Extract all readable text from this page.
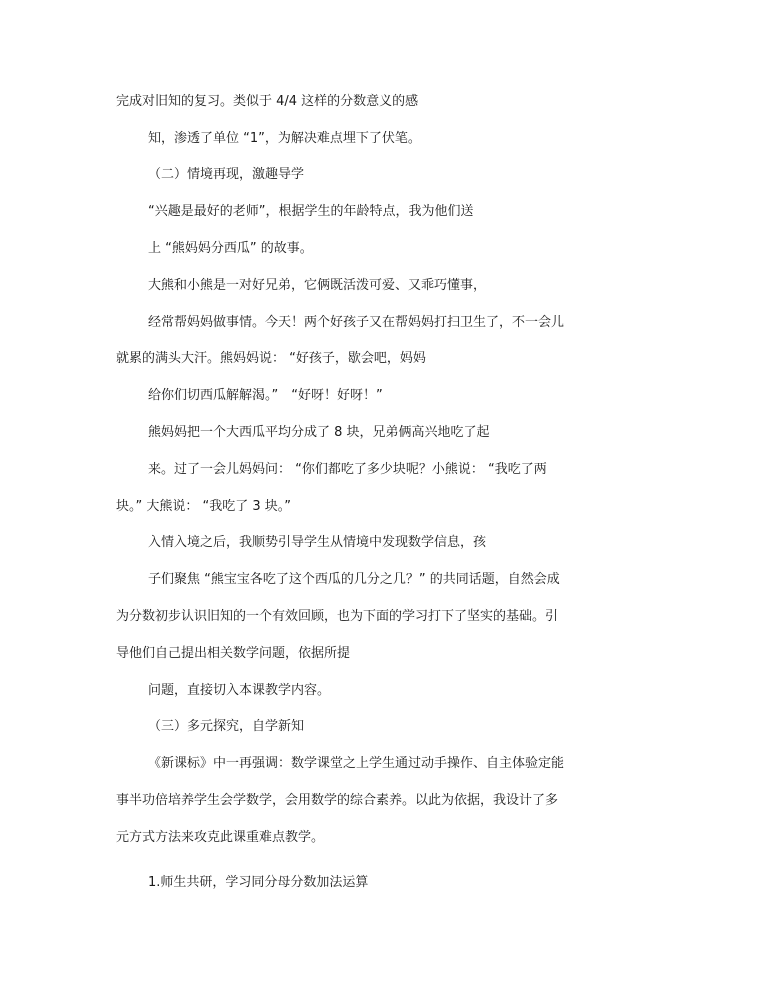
完成对旧知的复习。类似于 4/4 这样的分数意义的感

知，渗透了单位 “1”，为解决难点埋下了伏笔。

（二）情境再现，激趣导学

“兴趣是最好的老师”，根据学生的年龄特点，我为他们送

上 “熊妈妈分西瓜” 的故事。

大熊和小熊是一对好兄弟，它俩既活泼可爱、又乖巧懂事，

经常帮妈妈做事情。今天！两个好孩子又在帮妈妈打扫卫生了，不一会儿

就累的满头大汗。熊妈妈说： “好孩子，歇会吧，妈妈

给你们切西瓜解解渴。”　“好呀！好呀！”

熊妈妈把一个大西瓜平均分成了 8 块，兄弟俩高兴地吃了起

来。过了一会儿妈妈问： “你们都吃了多少块呢？小熊说： “我吃了两

块。” 大熊说： “我吃了 3 块。”

入情入境之后，我顺势引导学生从情境中发现数学信息，孩

子们聚焦 “熊宝宝各吃了这个西瓜的几分之几？” 的共同话题，自然会成

为分数初步认识旧知的一个有效回顾，也为下面的学习打下了坚实的基础。引

导他们自己提出相关数学问题，依据所提

问题，直接切入本课教学内容。

（三）多元探究，自学新知

《新课标》中一再强调：数学课堂之上学生通过动手操作、自主体验定能

事半功倍培养学生会学数学，会用数学的综合素养。以此为依据，我设计了多

元方式方法来攻克此课重难点教学。

1.师生共研，学习同分母分数加法运算
